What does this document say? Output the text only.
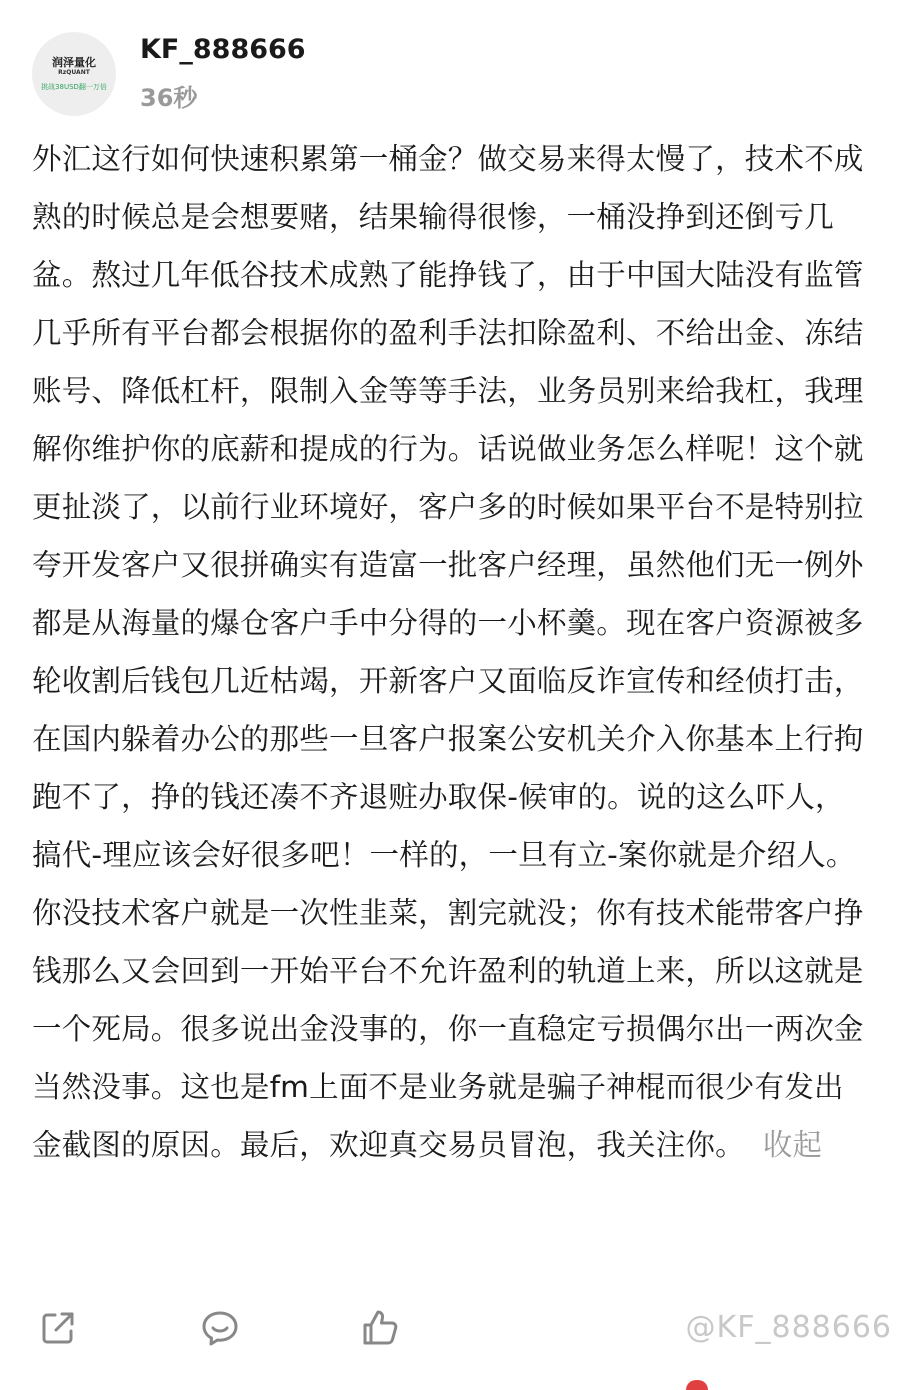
润泽量化
RzQUANT
挑战38USD翻一万倍
KF_888666
36秒
外汇这行如何快速积累第一桶金？做交易来得太慢了，技术不成熟的时候总是会想要赌，结果输得很惨，一桶没挣到还倒亏几盆。熬过几年低谷技术成熟了能挣钱了，由于中国大陆没有监管几乎所有平台都会根据你的盈利手法扣除盈利、不给出金、冻结账号、降低杠杆，限制入金等等手法，业务员别来给我杠，我理解你维护你的底薪和提成的行为。话说做业务怎么样呢！这个就更扯淡了，以前行业环境好，客户多的时候如果平台不是特别拉夸开发客户又很拼确实有造富一批客户经理，虽然他们无一例外都是从海量的爆仓客户手中分得的一小杯羹。现在客户资源被多轮收割后钱包几近枯竭，开新客户又面临反诈宣传和经侦打击，在国内躲着办公的那些一旦客户报案公安机关介入你基本上行拘跑不了，挣的钱还凑不齐退赃办取保-候审的。说的这么吓人，搞代-理应该会好很多吧！一样的，一旦有立-案你就是介绍人。你没技术客户就是一次性韭菜，割完就没；你有技术能带客户挣钱那么又会回到一开始平台不允许盈利的轨道上来，所以这就是一个死局。很多说出金没事的，你一直稳定亏损偶尔出一两次金当然没事。这也是fm上面不是业务就是骗子神棍而很少有发出金截图的原因。最后，欢迎真交易员冒泡，我关注你。 收起
@KF_888666
